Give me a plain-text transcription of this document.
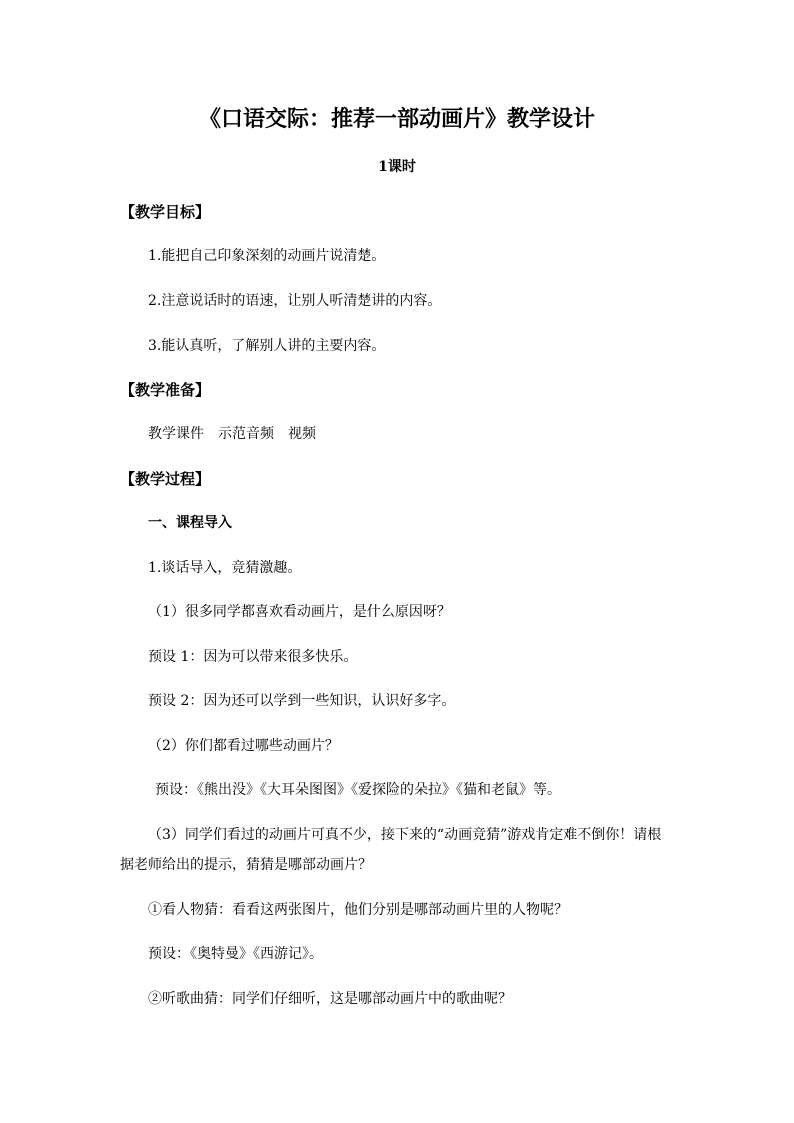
《口语交际：推荐一部动画片》教学设计
1课时
【教学目标】
1.能把自己印象深刻的动画片说清楚。
2.注意说话时的语速，让别人听清楚讲的内容。
3.能认真听，了解别人讲的主要内容。
【教学准备】
教学课件 示范音频 视频
【教学过程】
一、课程导入
1.谈话导入，竞猜激趣。
（1）很多同学都喜欢看动画片，是什么原因呀？
预设 1：因为可以带来很多快乐。
预设 2：因为还可以学到一些知识，认识好多字。
（2）你们都看过哪些动画片？
预设：《熊出没》《大耳朵图图》《爱探险的朵拉》《猫和老鼠》等。
（3）同学们看过的动画片可真不少，接下来的“动画竞猜”游戏肯定难不倒你！请根
据老师给出的提示，猜猜是哪部动画片？
①看人物猜：看看这两张图片，他们分别是哪部动画片里的人物呢？
预设：《奥特曼》《西游记》。
②听歌曲猜：同学们仔细听，这是哪部动画片中的歌曲呢？
